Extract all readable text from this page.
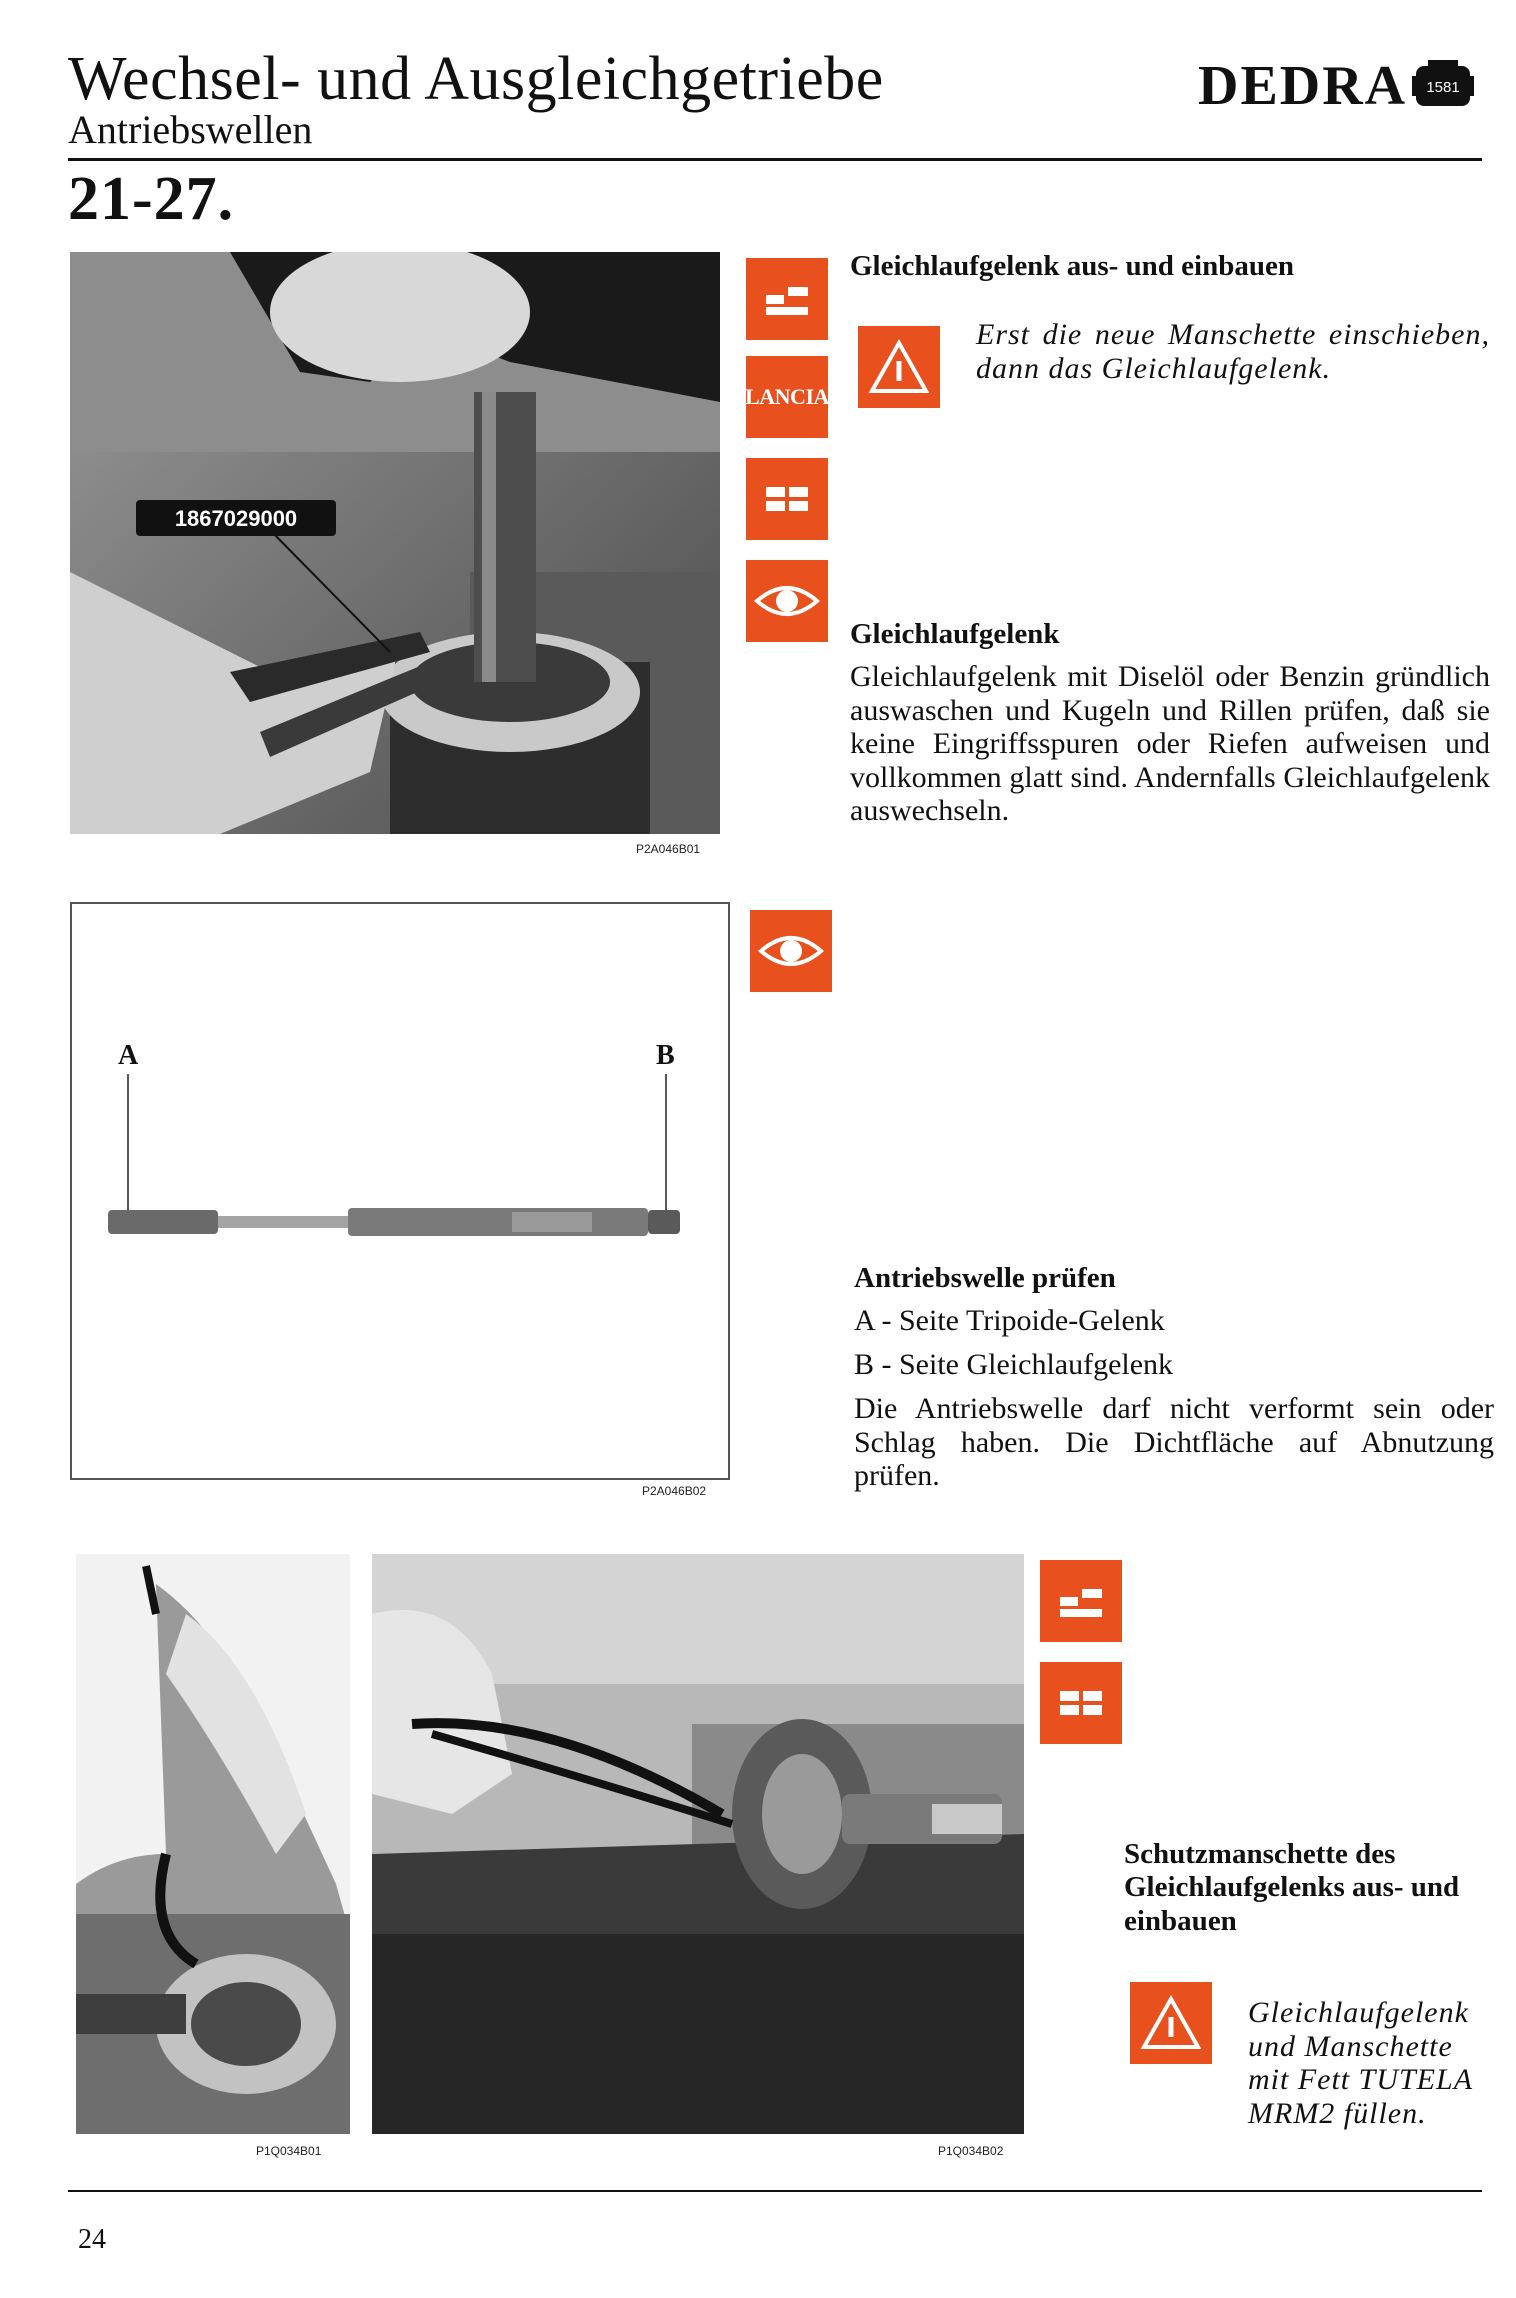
Wechsel- und Ausgleichgetriebe
Antriebswellen
DEDRA 1581
21-27.
1867029000
P2A046B01
LANCIA
Gleichlaufgelenk aus- und einbauen
Erst die neue Manschette einschieben, dann das Gleichlaufgelenk.
Gleichlaufgelenk
Gleichlaufgelenk mit Diselöl oder Benzin gründlich auswaschen und Kugeln und Rillen prüfen, daß sie keine Eingriffsspuren oder Riefen aufweisen und vollkommen glatt sind. Andernfalls Gleichlaufgelenk auswechseln.
A	B
P2A046B02
Antriebswelle prüfen
A - Seite Tripoide-Gelenk
B - Seite Gleichlaufgelenk
Die Antriebswelle darf nicht verformt sein oder Schlag haben. Die Dichtfläche auf Abnutzung prüfen.
P1Q034B01	P1Q034B02
Schutzmanschette des Gleichlaufgelenks aus- und einbauen
Gleichlaufgelenk und Manschette mit Fett TUTELA MRM2 füllen.
24
